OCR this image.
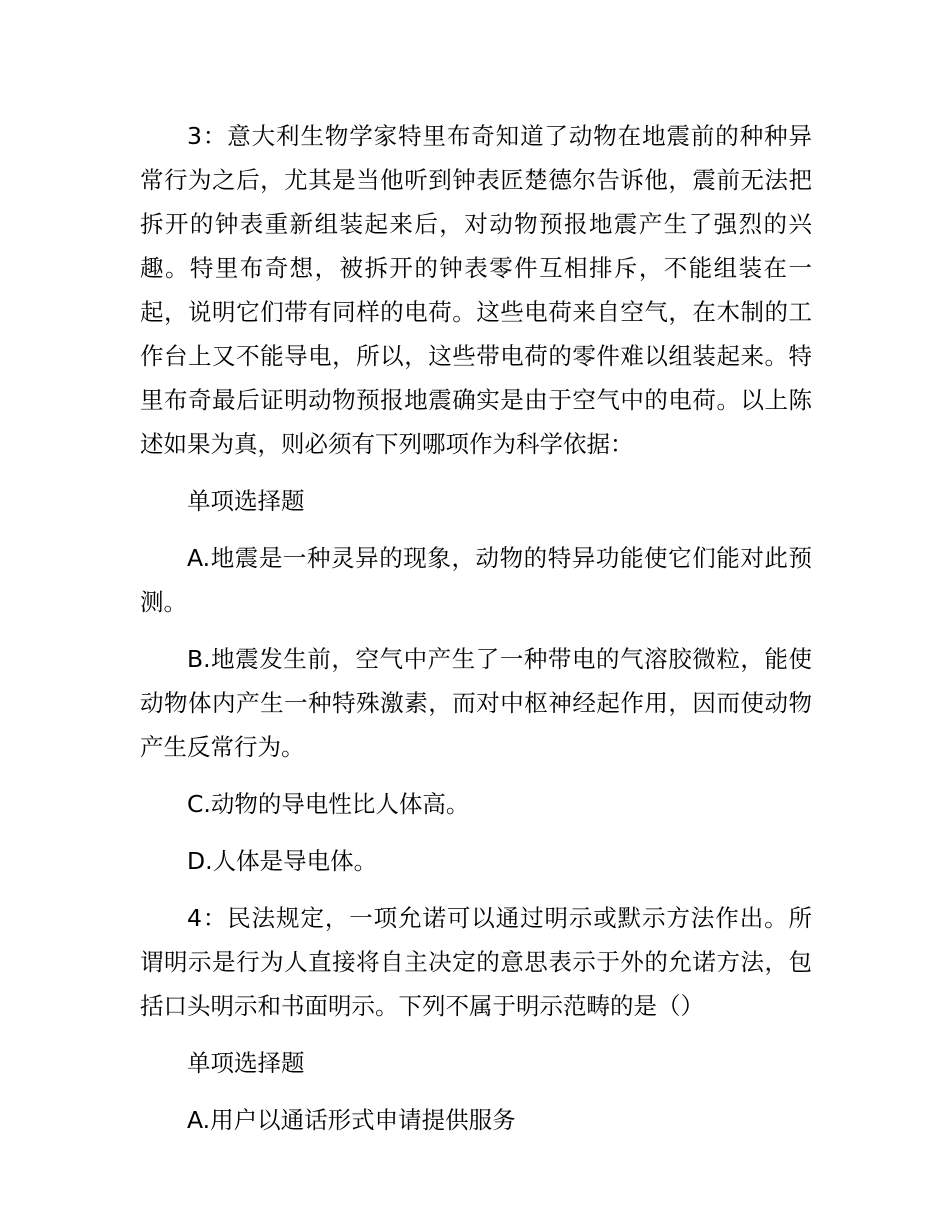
3：意大利生物学家特里布奇知道了动物在地震前的种种异常行为之后，尤其是当他听到钟表匠楚德尔告诉他，震前无法把拆开的钟表重新组装起来后，对动物预报地震产生了强烈的兴趣。特里布奇想，被拆开的钟表零件互相排斥，不能组装在一起，说明它们带有同样的电荷。这些电荷来自空气，在木制的工作台上又不能导电，所以，这些带电荷的零件难以组装起来。特里布奇最后证明动物预报地震确实是由于空气中的电荷。以上陈述如果为真，则必须有下列哪项作为科学依据：

单项选择题

A.地震是一种灵异的现象，动物的特异功能使它们能对此预测。

B.地震发生前，空气中产生了一种带电的气溶胶微粒，能使动物体内产生一种特殊激素，而对中枢神经起作用，因而使动物产生反常行为。

C.动物的导电性比人体高。

D.人体是导电体。

4：民法规定，一项允诺可以通过明示或默示方法作出。所谓明示是行为人直接将自主决定的意思表示于外的允诺方法，包括口头明示和书面明示。下列不属于明示范畴的是（）

单项选择题

A.用户以通话形式申请提供服务
